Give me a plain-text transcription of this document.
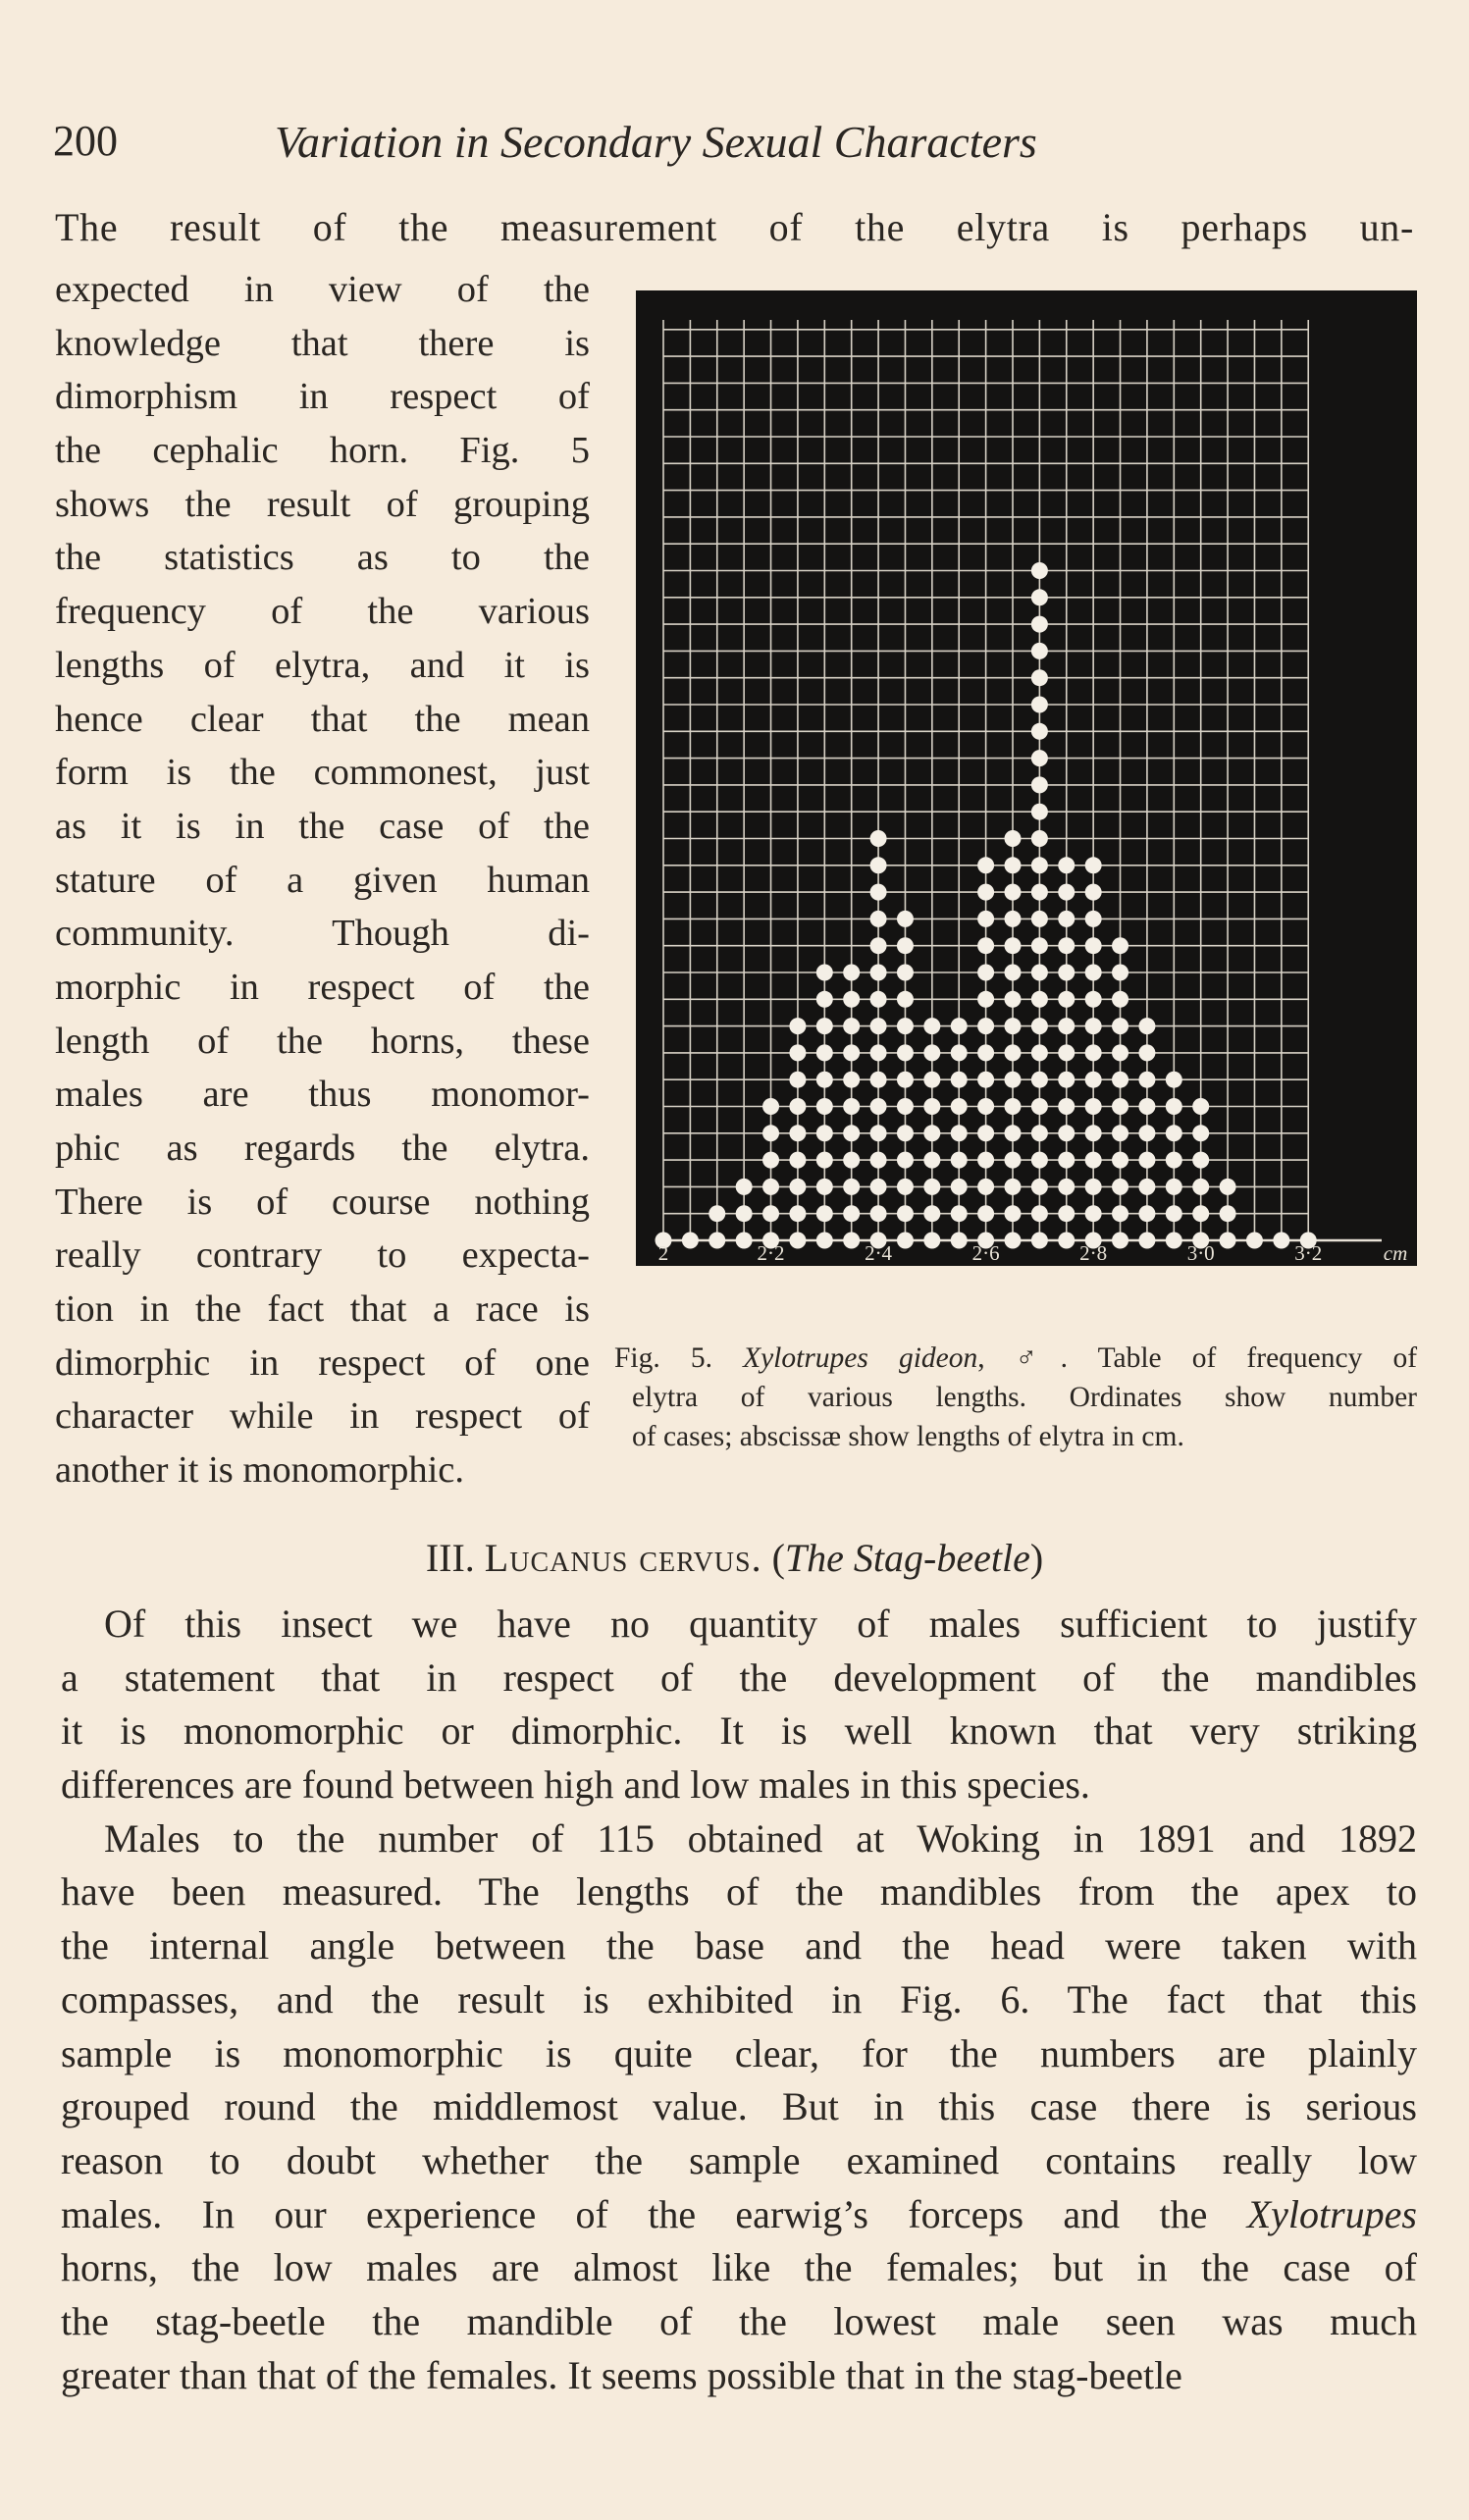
200	Variation in Secondary Sexual Characters
The result of the measurement of the elytra is perhaps un-
expected in view of the
knowledge that there is
dimorphism in respect of
the cephalic horn. Fig. 5
shows the result of grouping
the statistics as to the
frequency of the various
lengths of elytra, and it is
hence clear that the mean
form is the commonest, just
as it is in the case of the
stature of a given human
community. Though di-
morphic in respect of the
length of the horns, these
males are thus monomor-
phic as regards the elytra.
There is of course nothing
really contrary to expecta-
tion in the fact that a race is
dimorphic in respect of one
character while in respect of
another it is monomorphic.
2	2·2	2·4	2·6	2·8	3·0	3·2	cm
Fig. 5. Xylotrupes gideon, ♂. Table of frequency of
elytra of various lengths. Ordinates show number
of cases; abscissæ show lengths of elytra in cm.
III. Lucanus cervus. (The Stag-beetle)
Of this insect we have no quantity of males sufficient to justify
a statement that in respect of the development of the mandibles
it is monomorphic or dimorphic. It is well known that very striking
differences are found between high and low males in this species.
Males to the number of 115 obtained at Woking in 1891 and 1892
have been measured. The lengths of the mandibles from the apex to
the internal angle between the base and the head were taken with
compasses, and the result is exhibited in Fig. 6. The fact that this
sample is monomorphic is quite clear, for the numbers are plainly
grouped round the middlemost value. But in this case there is serious
reason to doubt whether the sample examined contains really low
males. In our experience of the earwig’s forceps and the Xylotrupes
horns, the low males are almost like the females; but in the case of
the stag-beetle the mandible of the lowest male seen was much
greater than that of the females. It seems possible that in the stag-beetle
